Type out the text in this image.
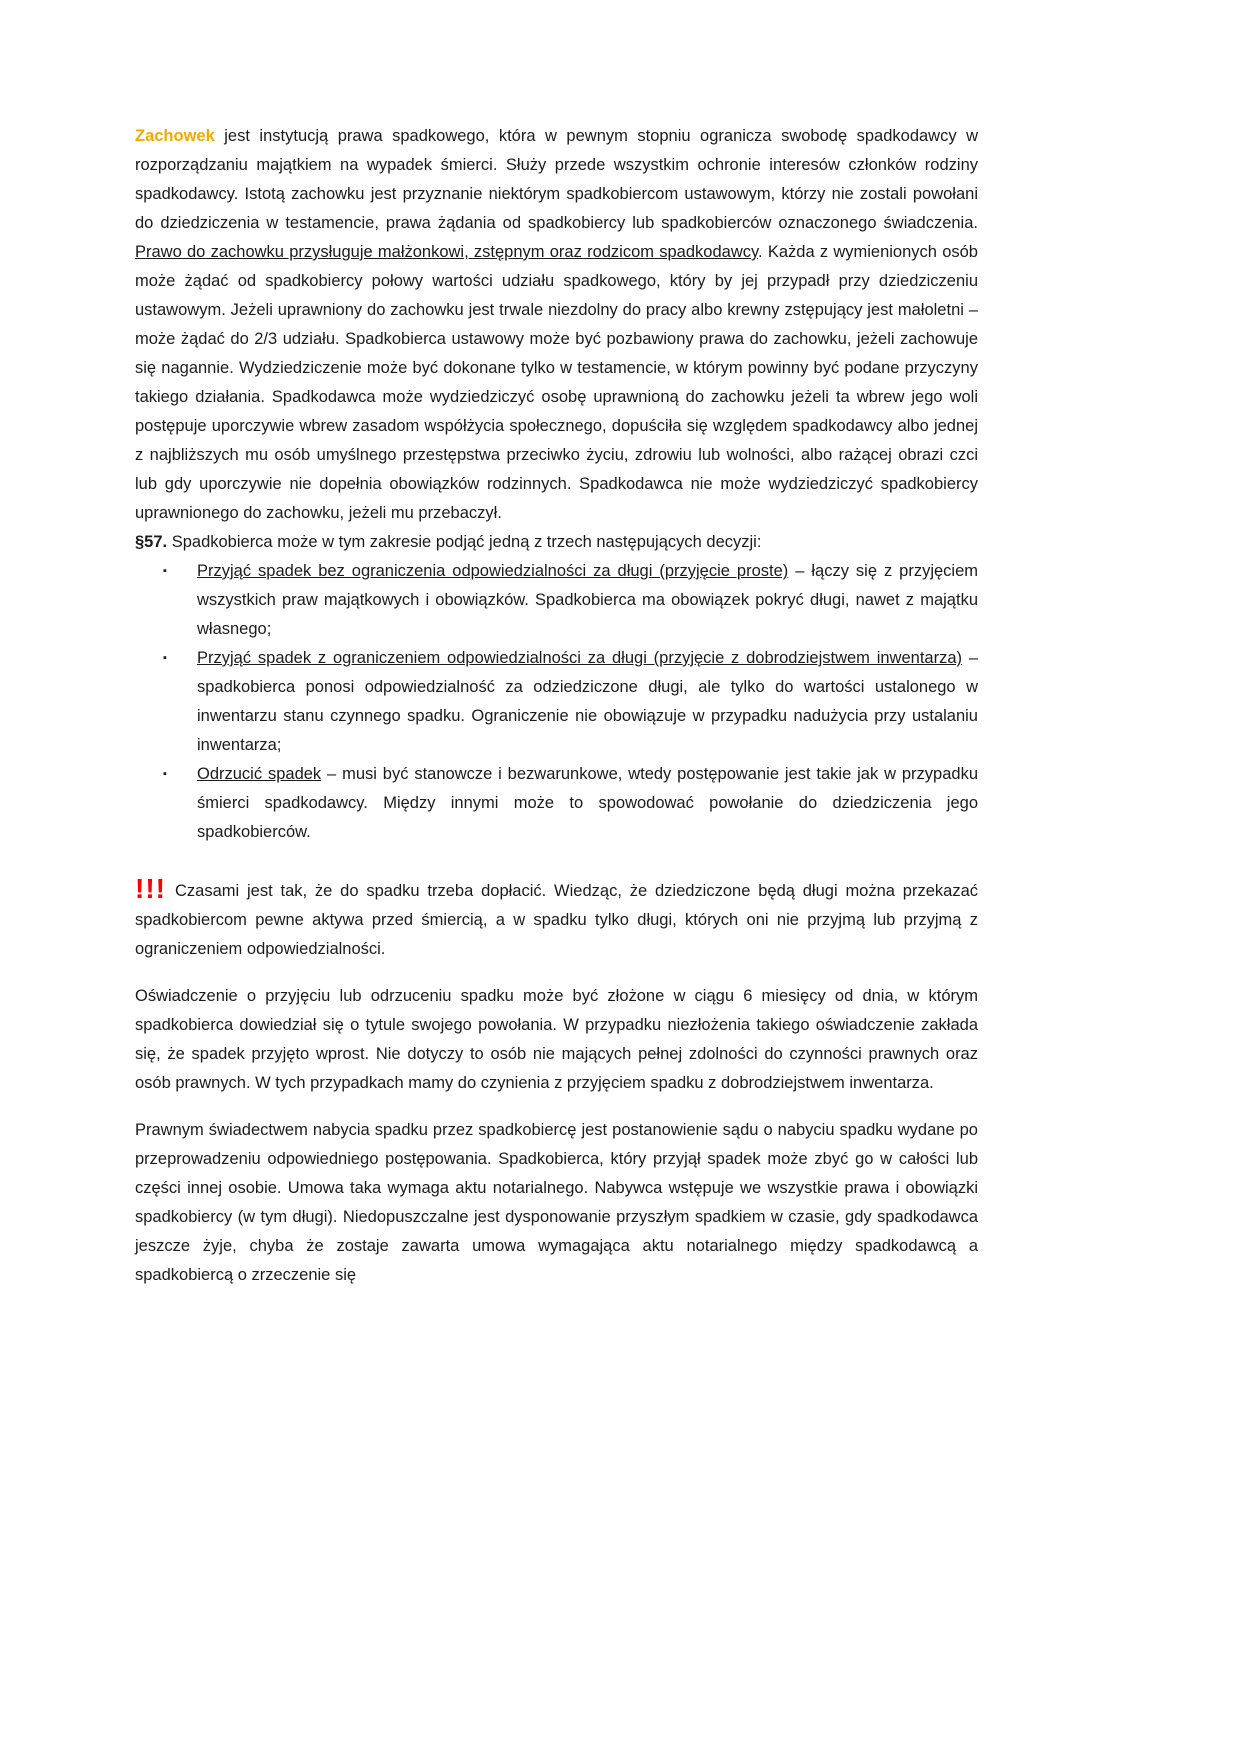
Zachowek jest instytucją prawa spadkowego, która w pewnym stopniu ogranicza swobodę spadkodawcy w rozporządzaniu majątkiem na wypadek śmierci. Służy przede wszystkim ochronie interesów członków rodziny spadkodawcy. Istotą zachowku jest przyznanie niektórym spadkobiercom ustawowym, którzy nie zostali powołani do dziedziczenia w testamencie, prawa żądania od spadkobiercy lub spadkobierców oznaczonego świadczenia. Prawo do zachowku przysługuje małżonkowi, zstępnym oraz rodzicom spadkodawcy. Każda z wymienionych osób może żądać od spadkobiercy połowy wartości udziału spadkowego, który by jej przypadł przy dziedziczeniu ustawowym. Jeżeli uprawniony do zachowku jest trwale niezdolny do pracy albo krewny zstępujący jest małoletni – może żądać do 2/3 udziału. Spadkobierca ustawowy może być pozbawiony prawa do zachowku, jeżeli zachowuje się nagannie. Wydziedziczenie może być dokonane tylko w testamencie, w którym powinny być podane przyczyny takiego działania. Spadkodawca może wydziedziczyć osobę uprawnioną do zachowku jeżeli ta wbrew jego woli postępuje uporczywie wbrew zasadom współżycia społecznego, dopuściła się względem spadkodawcy albo jednej z najbliższych mu osób umyślnego przestępstwa przeciwko życiu, zdrowiu lub wolności, albo rażącej obrazi czci lub gdy uporczywie nie dopełnia obowiązków rodzinnych. Spadkodawca nie może wydziedziczyć spadkobiercy uprawnionego do zachowku, jeżeli mu przebaczył.

§57. Spadkobierca może w tym zakresie podjąć jedną z trzech następujących decyzji:

▪ Przyjąć spadek bez ograniczenia odpowiedzialności za długi (przyjęcie proste) – łączy się z przyjęciem wszystkich praw majątkowych i obowiązków. Spadkobierca ma obowiązek pokryć długi, nawet z majątku własnego;
▪ Przyjąć spadek z ograniczeniem odpowiedzialności za długi (przyjęcie z dobrodziejstwem inwentarza) – spadkobierca ponosi odpowiedzialność za odziedziczone długi, ale tylko do wartości ustalonego w inwentarzu stanu czynnego spadku. Ograniczenie nie obowiązuje w przypadku nadużycia przy ustalaniu inwentarza;
▪ Odrzucić spadek – musi być stanowcze i bezwarunkowe, wtedy postępowanie jest takie jak w przypadku śmierci spadkodawcy. Między innymi może to spowodować powołanie do dziedziczenia jego spadkobierców.

!!! Czasami jest tak, że do spadku trzeba dopłacić. Wiedząc, że dziedziczone będą długi można przekazać spadkobiercom pewne aktywa przed śmiercią, a w spadku tylko długi, których oni nie przyjmą lub przyjmą z ograniczeniem odpowiedzialności.

Oświadczenie o przyjęciu lub odrzuceniu spadku może być złożone w ciągu 6 miesięcy od dnia, w którym spadkobierca dowiedział się o tytule swojego powołania. W przypadku niezłożenia takiego oświadczenie zakłada się, że spadek przyjęto wprost. Nie dotyczy to osób nie mających pełnej zdolności do czynności prawnych oraz osób prawnych. W tych przypadkach mamy do czynienia z przyjęciem spadku z dobrodziejstwem inwentarza.

Prawnym świadectwem nabycia spadku przez spadkobiercę jest postanowienie sądu o nabyciu spadku wydane po przeprowadzeniu odpowiedniego postępowania. Spadkobierca, który przyjął spadek może zbyć go w całości lub części innej osobie. Umowa taka wymaga aktu notarialnego. Nabywca wstępuje we wszystkie prawa i obowiązki spadkobiercy (w tym długi). Niedopuszczalne jest dysponowanie przyszłym spadkiem w czasie, gdy spadkodawca jeszcze żyje, chyba że zostaje zawarta umowa wymagająca aktu notarialnego między spadkodawcą a spadkobiercą o zrzeczenie się
